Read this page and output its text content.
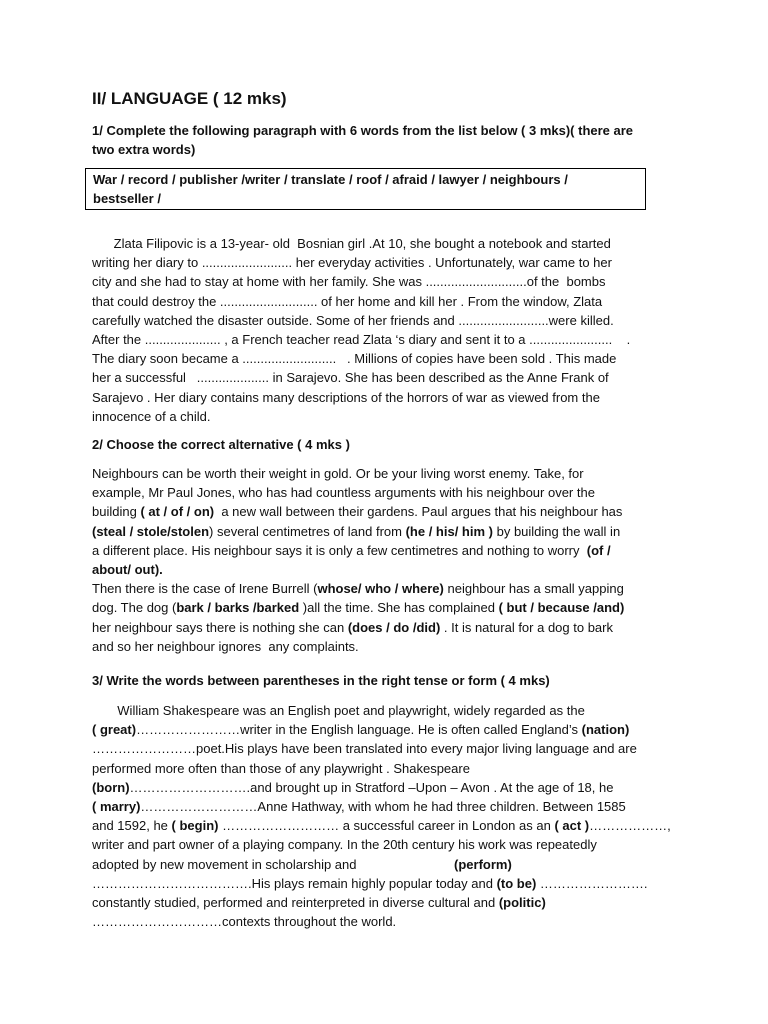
II/ LANGUAGE ( 12 mks)
1/ Complete the following paragraph with 6 words from the list below ( 3 mks)( there are
two extra words)
War / record / publisher /writer / translate / roof / afraid / lawyer / neighbours /
bestseller /
Zlata Filipovic is a 13-year- old  Bosnian girl .At 10, she bought a notebook and started
writing her diary to ......................... her everyday activities . Unfortunately, war came to her
city and she had to stay at home with her family. She was ............................of the  bombs
that could destroy the ........................... of her home and kill her . From the window, Zlata
carefully watched the disaster outside. Some of her friends and .........................were killed.
After the ..................... , a French teacher read Zlata ‘s diary and sent it to a .......................    .
The diary soon became a ..........................   . Millions of copies have been sold . This made
her a successful   .................... in Sarajevo. She has been described as the Anne Frank of
Sarajevo . Her diary contains many descriptions of the horrors of war as viewed from the
innocence of a child.
2/ Choose the correct alternative ( 4 mks )
Neighbours can be worth their weight in gold. Or be your living worst enemy. Take, for
example, Mr Paul Jones, who has had countless arguments with his neighbour over the
building ( at / of / on)  a new wall between their gardens. Paul argues that his neighbour has
(steal / stole/stolen) several centimetres of land from (he / his/ him ) by building the wall in
a different place. His neighbour says it is only a few centimetres and nothing to worry  (of /
about/ out).
Then there is the case of Irene Burrell (whose/ who / where) neighbour has a small yapping
dog. The dog (bark / barks /barked )all the time. She has complained ( but / because /and)
her neighbour says there is nothing she can (does / do /did) . It is natural for a dog to bark
and so her neighbour ignores  any complaints.
3/ Write the words between parentheses in the right tense or form ( 4 mks)
William Shakespeare was an English poet and playwright, widely regarded as the
( great)……………………writer in the English language. He is often called England’s (nation)
……………………poet.His plays have been translated into every major living language and are
performed more often than those of any playwright . Shakespeare
(born)……………………….and brought up in Stratford –Upon – Avon . At the age of 18, he
( marry)………………………Anne Hathway, with whom he had three children. Between 1585
and 1592, he ( begin) ……………………… a successful career in London as an ( act )………………,
writer and part owner of a playing company. In the 20th century his work was repeatedly
adopted by new movement in scholarship and                           (perform)
……………………………….His plays remain highly popular today and (to be) …………………….
constantly studied, performed and reinterpreted in diverse cultural and (politic)
…………………………contexts throughout the world.
